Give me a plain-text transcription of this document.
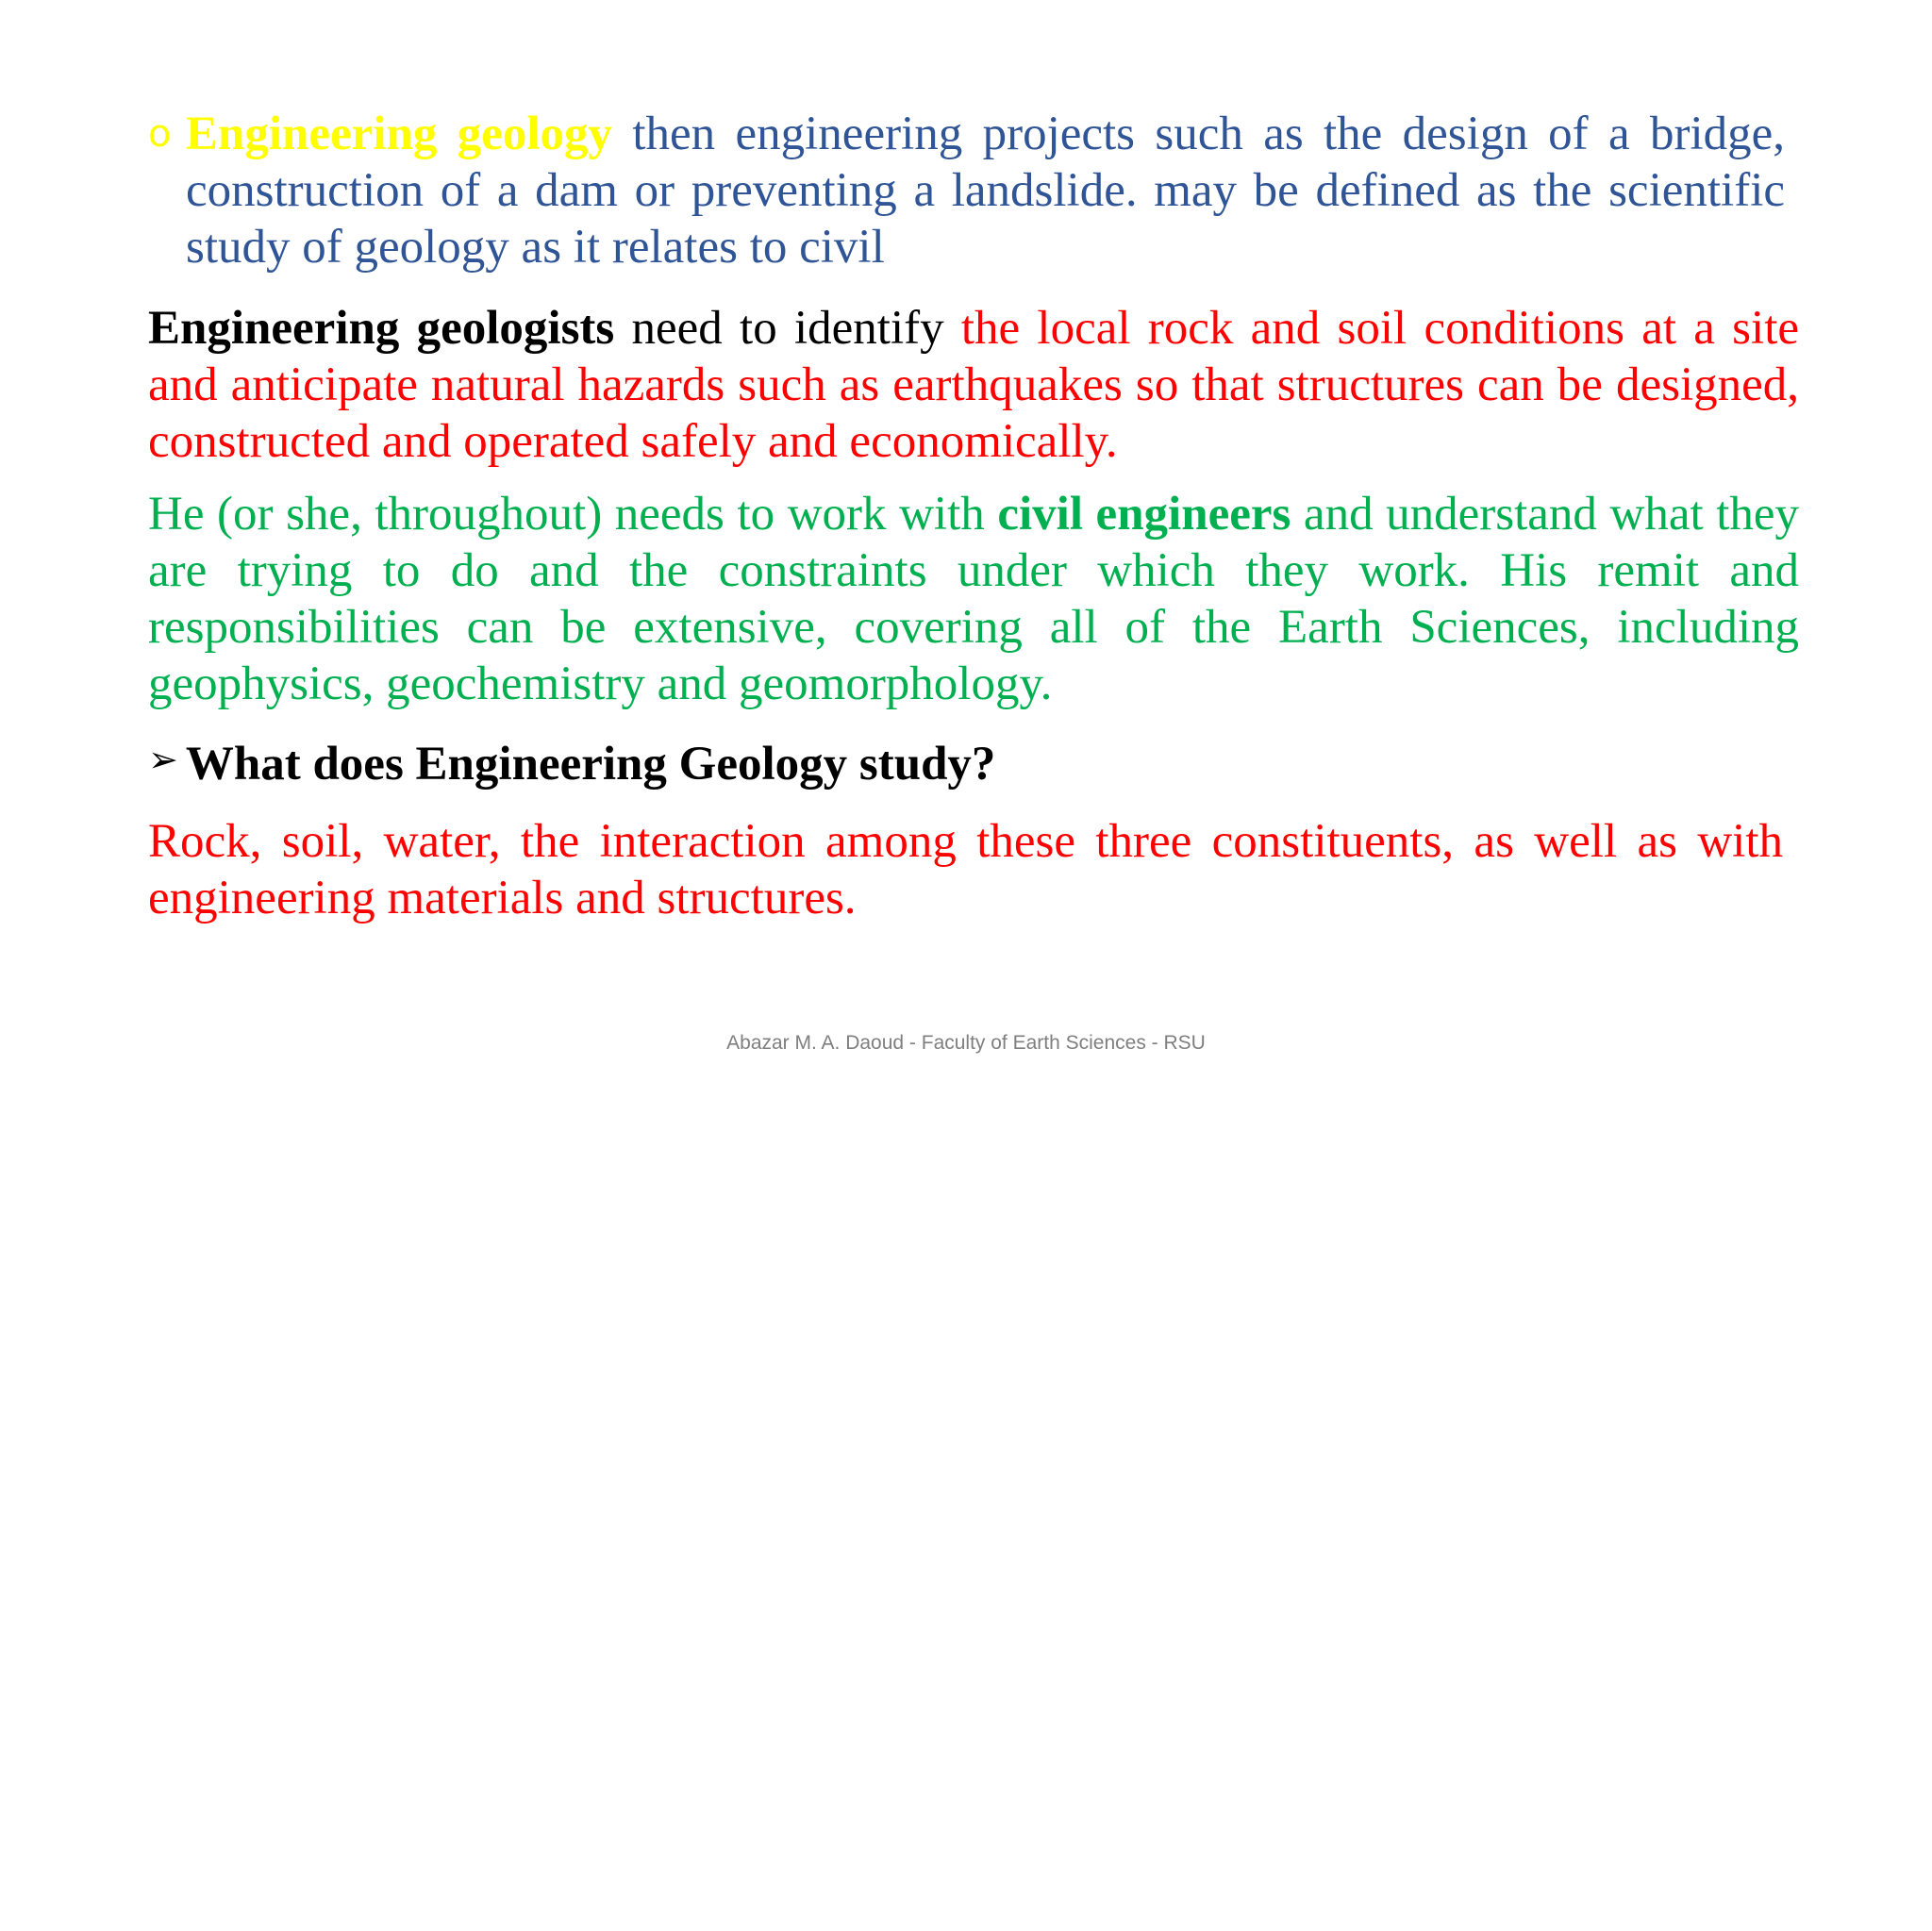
o Engineering geology then engineering projects such as the design of a bridge, construction of a dam or preventing a landslide. may be defined as the scientific study of geology as it relates to civil

Engineering geologists need to identify the local rock and soil conditions at a site and anticipate natural hazards such as earthquakes so that structures can be designed, constructed and operated safely and economically.

He (or she, throughout) needs to work with civil engineers and understand what they are trying to do and the constraints under which they work. His remit and responsibilities can be extensive, covering all of the Earth Sciences, including geophysics, geochemistry and geomorphology.

➢ What does Engineering Geology study?

Rock, soil, water, the interaction among these three constituents, as well as with engineering materials and structures.

Abazar M. A. Daoud - Faculty of Earth Sciences - RSU
